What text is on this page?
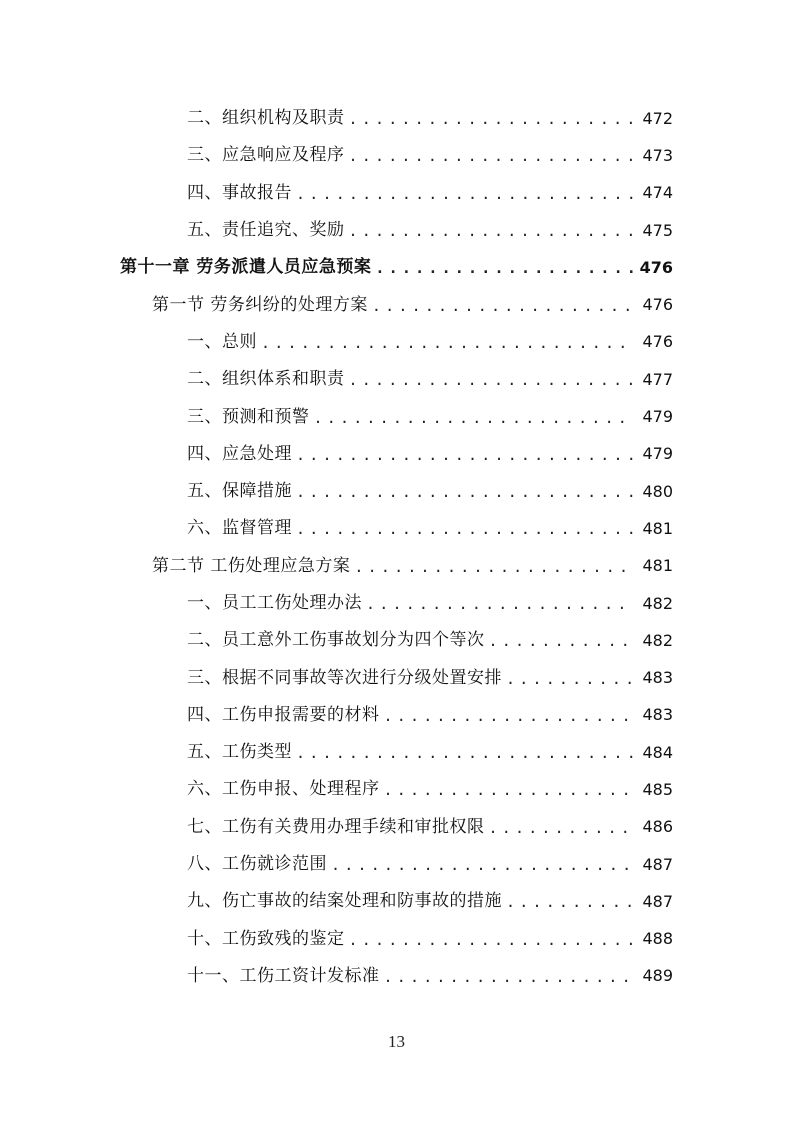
二、组织机构及职责 .....	472
三、应急响应及程序 .....	473
四、事故报告 .....	474
五、责任追究、奖励 .....	475
第十一章 劳务派遣人员应急预案 .....	476
第一节 劳务纠纷的处理方案 .....	476
一、总则 .....	476
二、组织体系和职责 .....	477
三、预测和预警 .....	479
四、应急处理 .....	479
五、保障措施 .....	480
六、监督管理 .....	481
第二节 工伤处理应急方案 .....	481
一、员工工伤处理办法 .....	482
二、员工意外工伤事故划分为四个等次 .....	482
三、根据不同事故等次进行分级处置安排 .....	483
四、工伤申报需要的材料 .....	483
五、工伤类型 .....	484
六、工伤申报、处理程序 .....	485
七、工伤有关费用办理手续和审批权限 .....	486
八、工伤就诊范围 .....	487
九、伤亡事故的结案处理和防事故的措施 .....	487
十、工伤致残的鉴定 .....	488
十一、工伤工资计发标准 .....	489
13
